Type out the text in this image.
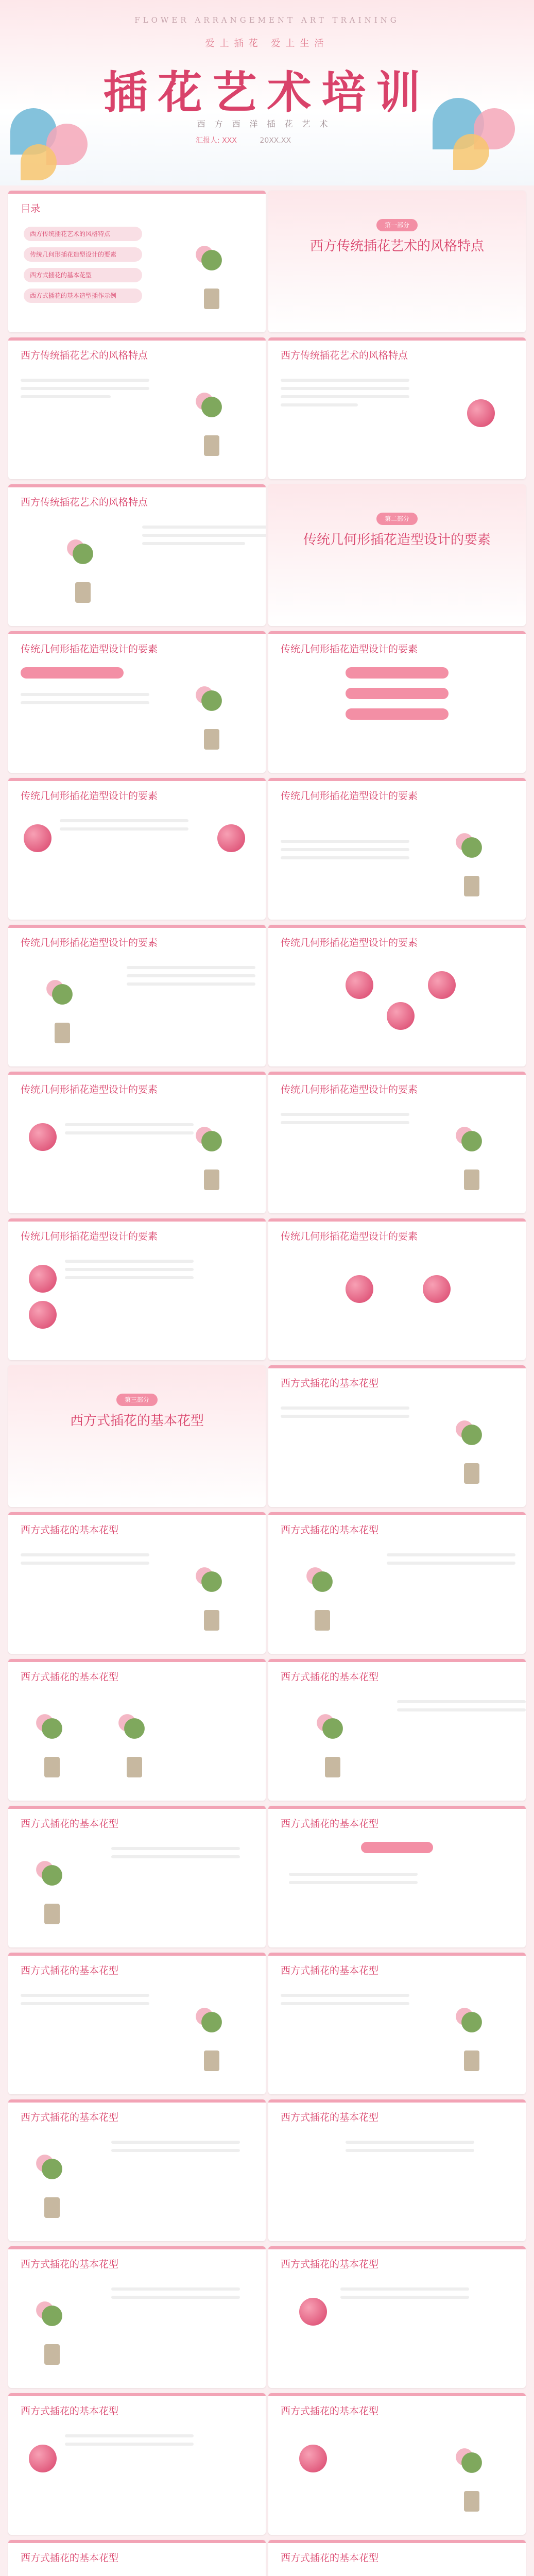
FLOWER ARRANGEMENT ART TRAINING
爱上插花 爱上生活
插花艺术培训
西方西洋插花艺术
汇报人: XXX	20XX.XX
目录
西方传统插花艺术的风格特点
传统几何形插花造型设计的要素
西方式插花的基本花型
西方式插花的基本造型插作示例
第一部分
西方传统插花艺术的风格特点
西方传统插花艺术的风格特点	西方传统插花艺术的风格特点
西方传统插花艺术的风格特点
第二部分
传统几何形插花造型设计的要素
传统几何形插花造型设计的要素	传统几何形插花造型设计的要素
传统几何形插花造型设计的要素	传统几何形插花造型设计的要素
传统几何形插花造型设计的要素	传统几何形插花造型设计的要素
传统几何形插花造型设计的要素	传统几何形插花造型设计的要素
传统几何形插花造型设计的要素	传统几何形插花造型设计的要素
第三部分
西方式插花的基本花型
西方式插花的基本花型
西方式插花的基本花型	西方式插花的基本花型
西方式插花的基本花型	西方式插花的基本花型
西方式插花的基本花型	西方式插花的基本花型
西方式插花的基本花型	西方式插花的基本花型
西方式插花的基本花型	西方式插花的基本花型
西方式插花的基本花型	西方式插花的基本花型
西方式插花的基本花型	西方式插花的基本花型
西方式插花的基本花型	西方式插花的基本花型
